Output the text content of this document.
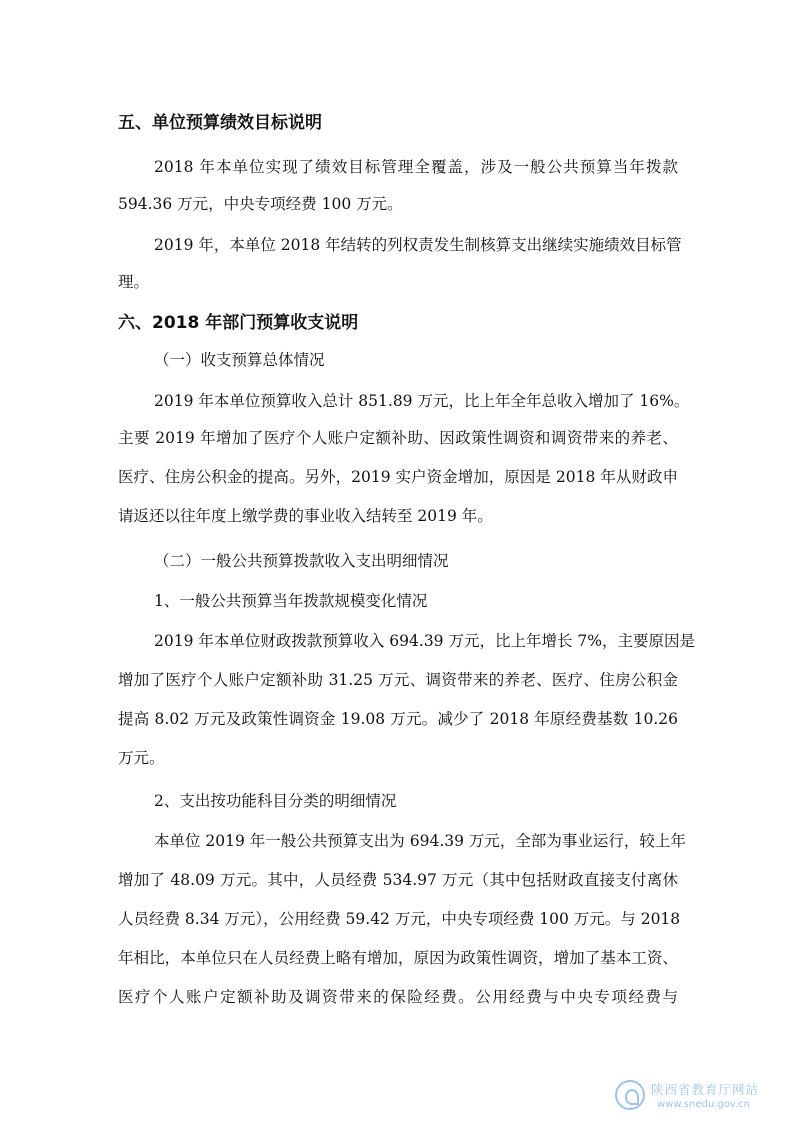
五、单位预算绩效目标说明
2018 年本单位实现了绩效目标管理全覆盖，涉及一般公共预算当年拨款
594.36 万元，中央专项经费 100 万元。
2019 年，本单位 2018 年结转的列权责发生制核算支出继续实施绩效目标管
理。
六、2018 年部门预算收支说明
（一）收支预算总体情况
2019 年本单位预算收入总计 851.89 万元，比上年全年总收入增加了 16%。
主要 2019 年增加了医疗个人账户定额补助、因政策性调资和调资带来的养老、
医疗、住房公积金的提高。另外，2019 实户资金增加，原因是 2018 年从财政申
请返还以往年度上缴学费的事业收入结转至 2019 年。
（二）一般公共预算拨款收入支出明细情况
1、一般公共预算当年拨款规模变化情况
2019 年本单位财政拨款预算收入 694.39 万元，比上年增长 7%，主要原因是
增加了医疗个人账户定额补助 31.25 万元、调资带来的养老、医疗、住房公积金
提高 8.02 万元及政策性调资金 19.08 万元。减少了 2018 年原经费基数 10.26
万元。
2、支出按功能科目分类的明细情况
本单位 2019 年一般公共预算支出为 694.39 万元，全部为事业运行，较上年
增加了 48.09 万元。其中，人员经费 534.97 万元（其中包括财政直接支付离休
人员经费 8.34 万元），公用经费 59.42 万元，中央专项经费 100 万元。与 2018
年相比，本单位只在人员经费上略有增加，原因为政策性调资，增加了基本工资、
医疗个人账户定额补助及调资带来的保险经费。公用经费与中央专项经费与
陕西省教育厅网站
www.snedu.gov.cn
